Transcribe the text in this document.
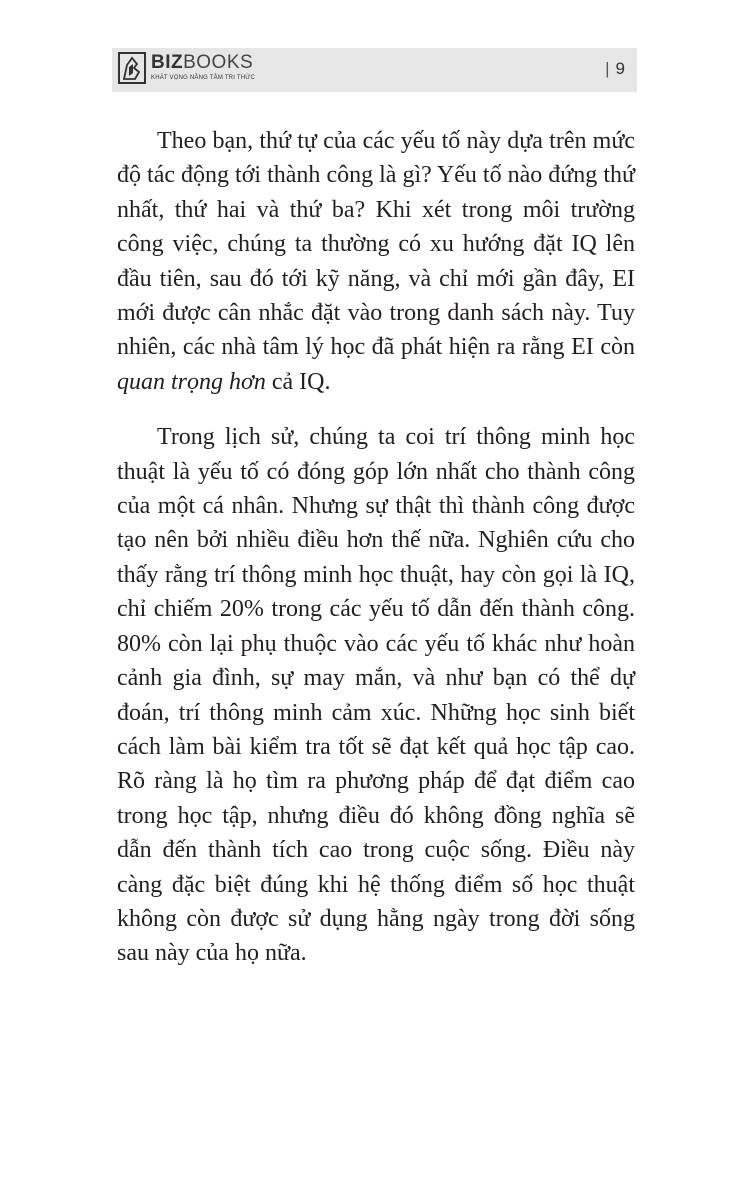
BIZBOOKS
KHÁT VỌNG NÂNG TẦM TRI THỨC	| 9

Theo bạn, thứ tự của các yếu tố này dựa trên mức độ tác động tới thành công là gì? Yếu tố nào đứng thứ nhất, thứ hai và thứ ba? Khi xét trong môi trường công việc, chúng ta thường có xu hướng đặt IQ lên đầu tiên, sau đó tới kỹ năng, và chỉ mới gần đây, EI mới được cân nhắc đặt vào trong danh sách này. Tuy nhiên, các nhà tâm lý học đã phát hiện ra rằng EI còn quan trọng hơn cả IQ.

Trong lịch sử, chúng ta coi trí thông minh học thuật là yếu tố có đóng góp lớn nhất cho thành công của một cá nhân. Nhưng sự thật thì thành công được tạo nên bởi nhiều điều hơn thế nữa. Nghiên cứu cho thấy rằng trí thông minh học thuật, hay còn gọi là IQ, chỉ chiếm 20% trong các yếu tố dẫn đến thành công. 80% còn lại phụ thuộc vào các yếu tố khác như hoàn cảnh gia đình, sự may mắn, và như bạn có thể dự đoán, trí thông minh cảm xúc. Những học sinh biết cách làm bài kiểm tra tốt sẽ đạt kết quả học tập cao. Rõ ràng là họ tìm ra phương pháp để đạt điểm cao trong học tập, nhưng điều đó không đồng nghĩa sẽ dẫn đến thành tích cao trong cuộc sống. Điều này càng đặc biệt đúng khi hệ thống điểm số học thuật không còn được sử dụng hằng ngày trong đời sống sau này của họ nữa.
